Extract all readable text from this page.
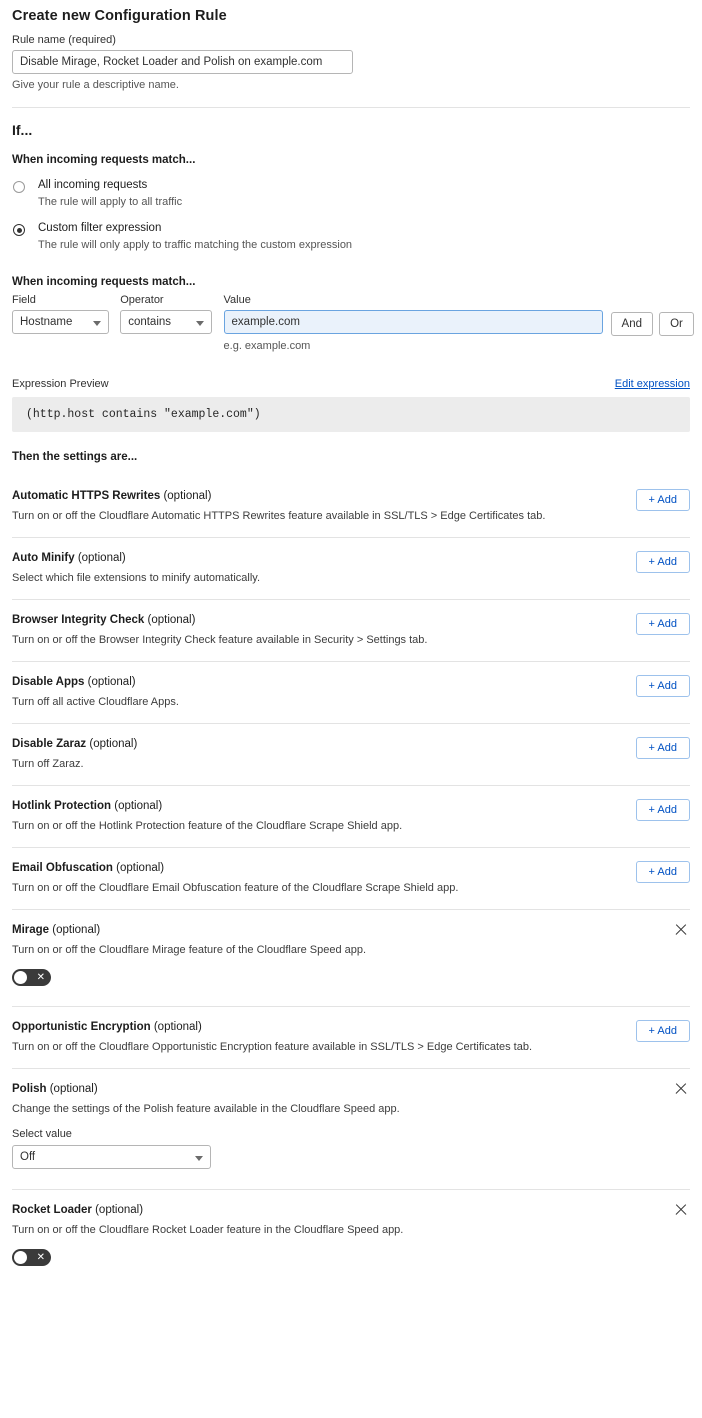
Create new Configuration Rule
Rule name (required)
Disable Mirage, Rocket Loader and Polish on example.com
Give your rule a descriptive name.
If...
When incoming requests match...
All incoming requests
The rule will apply to all traffic
Custom filter expression
The rule will only apply to traffic matching the custom expression
When incoming requests match...
Field
Hostname
Operator
contains
Value
example.com
e.g. example.com
And	Or
Expression Preview	Edit expression
(http.host contains "example.com")
Then the settings are...
Automatic HTTPS Rewrites (optional)
Turn on or off the Cloudflare Automatic HTTPS Rewrites feature available in SSL/TLS > Edge Certificates tab.
+ Add
Auto Minify (optional)
Select which file extensions to minify automatically.
+ Add
Browser Integrity Check (optional)
Turn on or off the Browser Integrity Check feature available in Security > Settings tab.
+ Add
Disable Apps (optional)
Turn off all active Cloudflare Apps.
+ Add
Disable Zaraz (optional)
Turn off Zaraz.
+ Add
Hotlink Protection (optional)
Turn on or off the Hotlink Protection feature of the Cloudflare Scrape Shield app.
+ Add
Email Obfuscation (optional)
Turn on or off the Cloudflare Email Obfuscation feature of the Cloudflare Scrape Shield app.
+ Add
Mirage (optional)
Turn on or off the Cloudflare Mirage feature of the Cloudflare Speed app.
✕
Opportunistic Encryption (optional)
Turn on or off the Cloudflare Opportunistic Encryption feature available in SSL/TLS > Edge Certificates tab.
+ Add
Polish (optional)
Change the settings of the Polish feature available in the Cloudflare Speed app.
Select value
Off
Rocket Loader (optional)
Turn on or off the Cloudflare Rocket Loader feature in the Cloudflare Speed app.
✕
